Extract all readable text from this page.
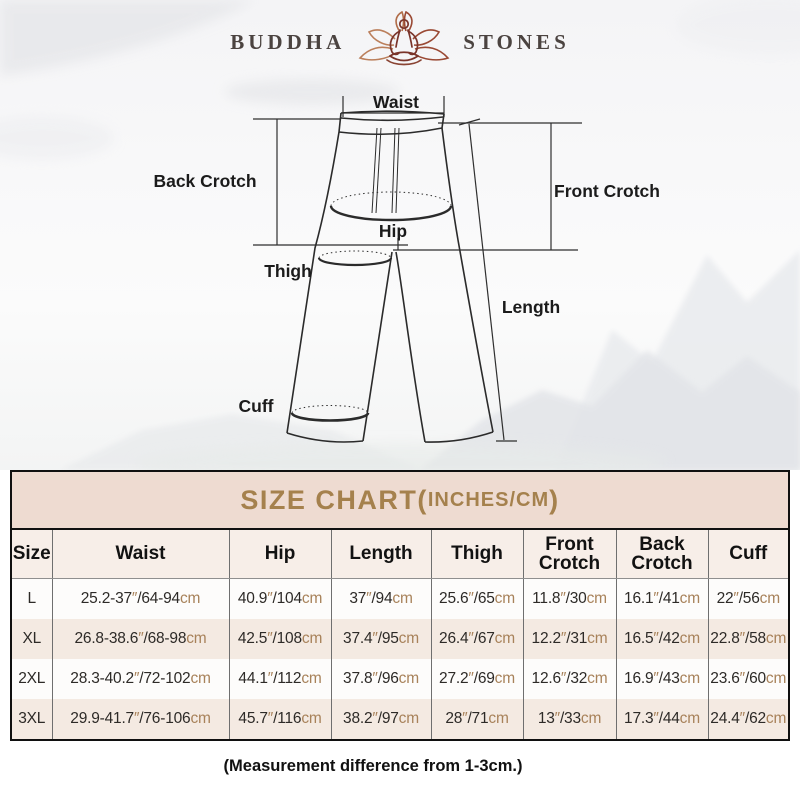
BUDDHA	STONES
Waist
Back Crotch	Front Crotch
Hip
Thigh
Length
Cuff
SIZE CHART( INCHES/CM )
Size	Waist	Hip	Length	Thigh	Front Crotch	Back Crotch	Cuff
L	25.2-37″/64-94cm	40.9″/104cm	37″/94cm	25.6″/65cm	11.8″/30cm	16.1″/41cm	22″/56cm
XL	26.8-38.6″/68-98cm	42.5″/108cm	37.4″/95cm	26.4″/67cm	12.2″/31cm	16.5″/42cm	22.8″/58cm
2XL	28.3-40.2″/72-102cm	44.1″/112cm	37.8″/96cm	27.2″/69cm	12.6″/32cm	16.9″/43cm	23.6″/60cm
3XL	29.9-41.7″/76-106cm	45.7″/116cm	38.2″/97cm	28″/71cm	13″/33cm	17.3″/44cm	24.4″/62cm
(Measurement difference from 1-3cm.)
